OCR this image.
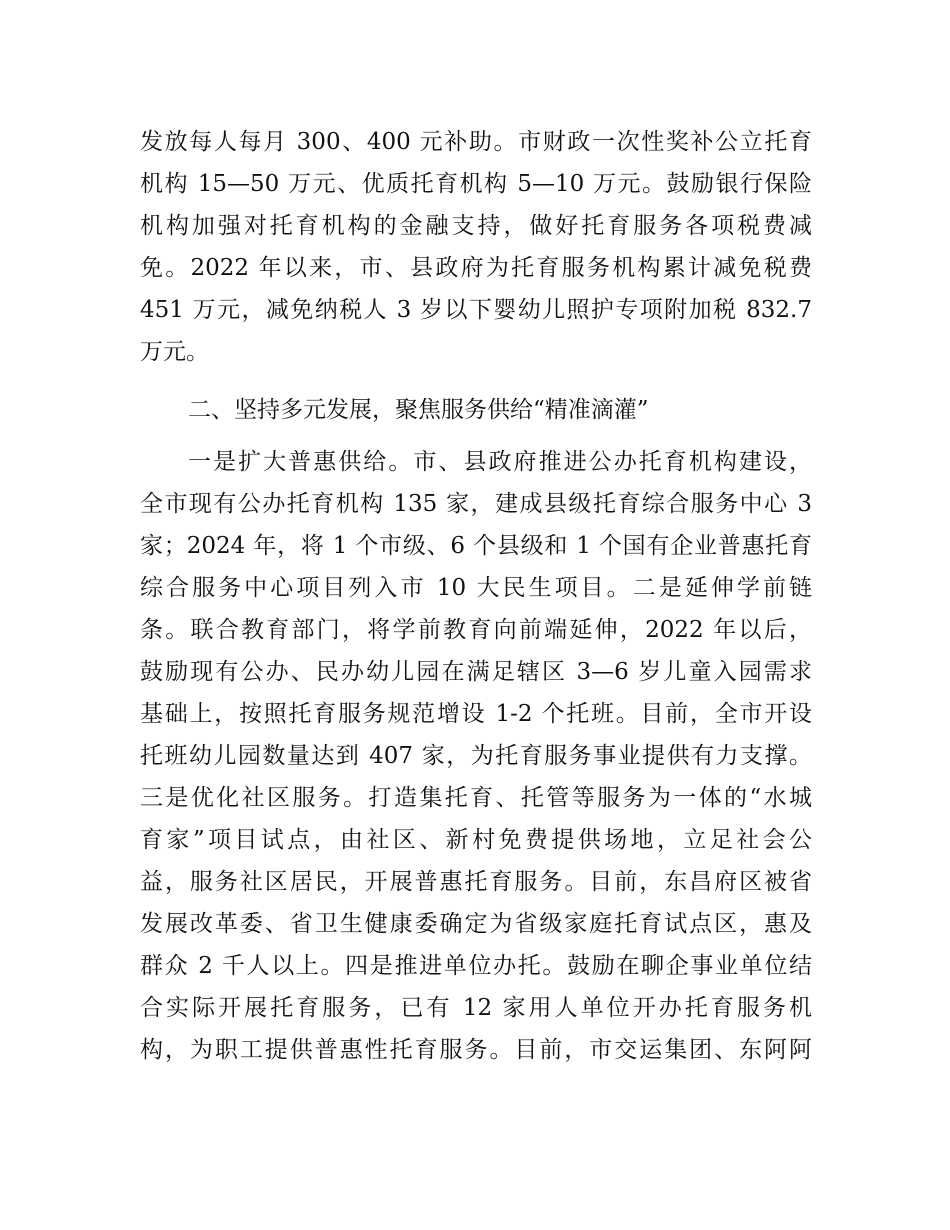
发放每人每月 300、400 元补助。市财政一次性奖补公立托育
机构 15—50 万元、优质托育机构 5—10 万元。鼓励银行保险
机构加强对托育机构的金融支持，做好托育服务各项税费减
免。2022 年以来，市、县政府为托育服务机构累计减免税费
451 万元，减免纳税人 3 岁以下婴幼儿照护专项附加税 832.7
万元。
二、坚持多元发展，聚焦服务供给“精准滴灌”
一是扩大普惠供给。市、县政府推进公办托育机构建设，
全市现有公办托育机构 135 家，建成县级托育综合服务中心 3
家；2024 年，将 1 个市级、6 个县级和 1 个国有企业普惠托育
综合服务中心项目列入市 10 大民生项目。二是延伸学前链
条。联合教育部门，将学前教育向前端延伸，2022 年以后，
鼓励现有公办、民办幼儿园在满足辖区 3—6 岁儿童入园需求
基础上，按照托育服务规范增设 1-2 个托班。目前，全市开设
托班幼儿园数量达到 407 家，为托育服务事业提供有力支撑。
三是优化社区服务。打造集托育、托管等服务为一体的“水城
育家”项目试点，由社区、新村免费提供场地，立足社会公
益，服务社区居民，开展普惠托育服务。目前，东昌府区被省
发展改革委、省卫生健康委确定为省级家庭托育试点区，惠及
群众 2 千人以上。四是推进单位办托。鼓励在聊企事业单位结
合实际开展托育服务，已有 12 家用人单位开办托育服务机
构，为职工提供普惠性托育服务。目前，市交运集团、东阿阿
